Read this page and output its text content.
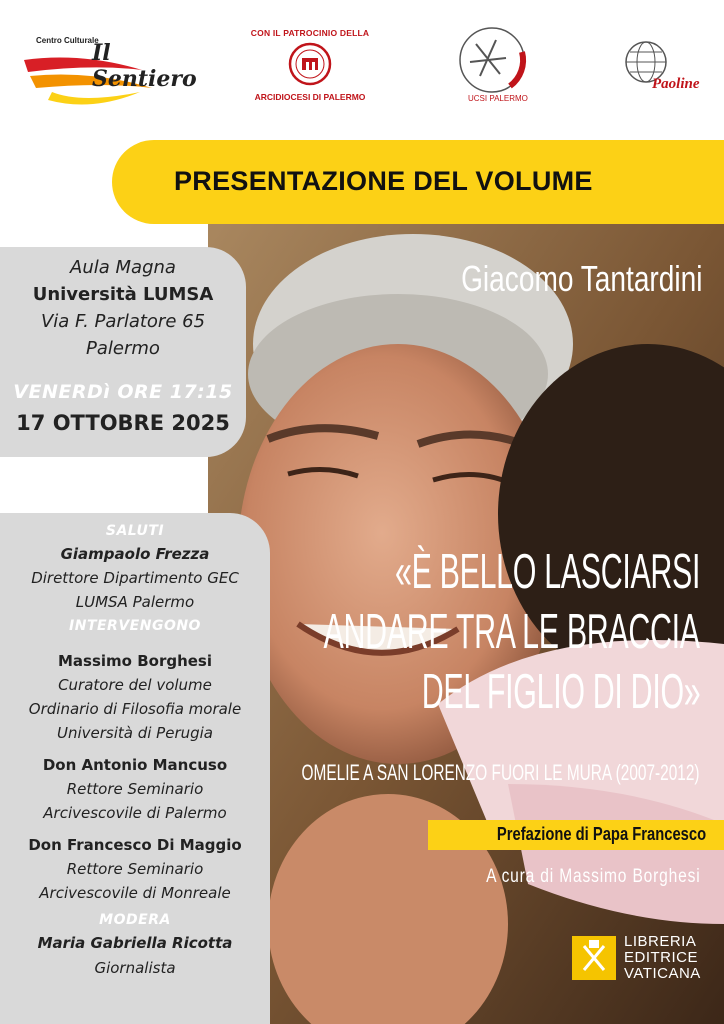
Centro Culturale
Il Sentiero
CON IL PATROCINIO DELLA
ARCIDIOCESI DI PALERMO	UCSI PALERMO
Paoline
PRESENTAZIONE DEL VOLUME
Aula Magna
Università LUMSA
Via F. Parlatore 65
Palermo
VENERDì ORE 17:15
17 OTTOBRE 2025
SALUTI
Giampaolo Frezza
Direttore Dipartimento GEC
LUMSA Palermo
INTERVENGONO
Massimo Borghesi
Curatore del volume
Ordinario di Filosofia morale
Università di Perugia
Don Antonio Mancuso
Rettore Seminario
Arcivescovile di Palermo
Don Francesco Di Maggio
Rettore Seminario
Arcivescovile di Monreale
MODERA
Maria Gabriella Ricotta
Giornalista
Giacomo Tantardini
«È BELLO LASCIARSI
ANDARE TRA LE BRACCIA
DEL FIGLIO DI DIO»
OMELIE A SAN LORENZO FUORI LE MURA (2007-2012)
Prefazione di Papa Francesco
A cura di Massimo Borghesi
LIBRERIA
EDITRICE
VATICANA
